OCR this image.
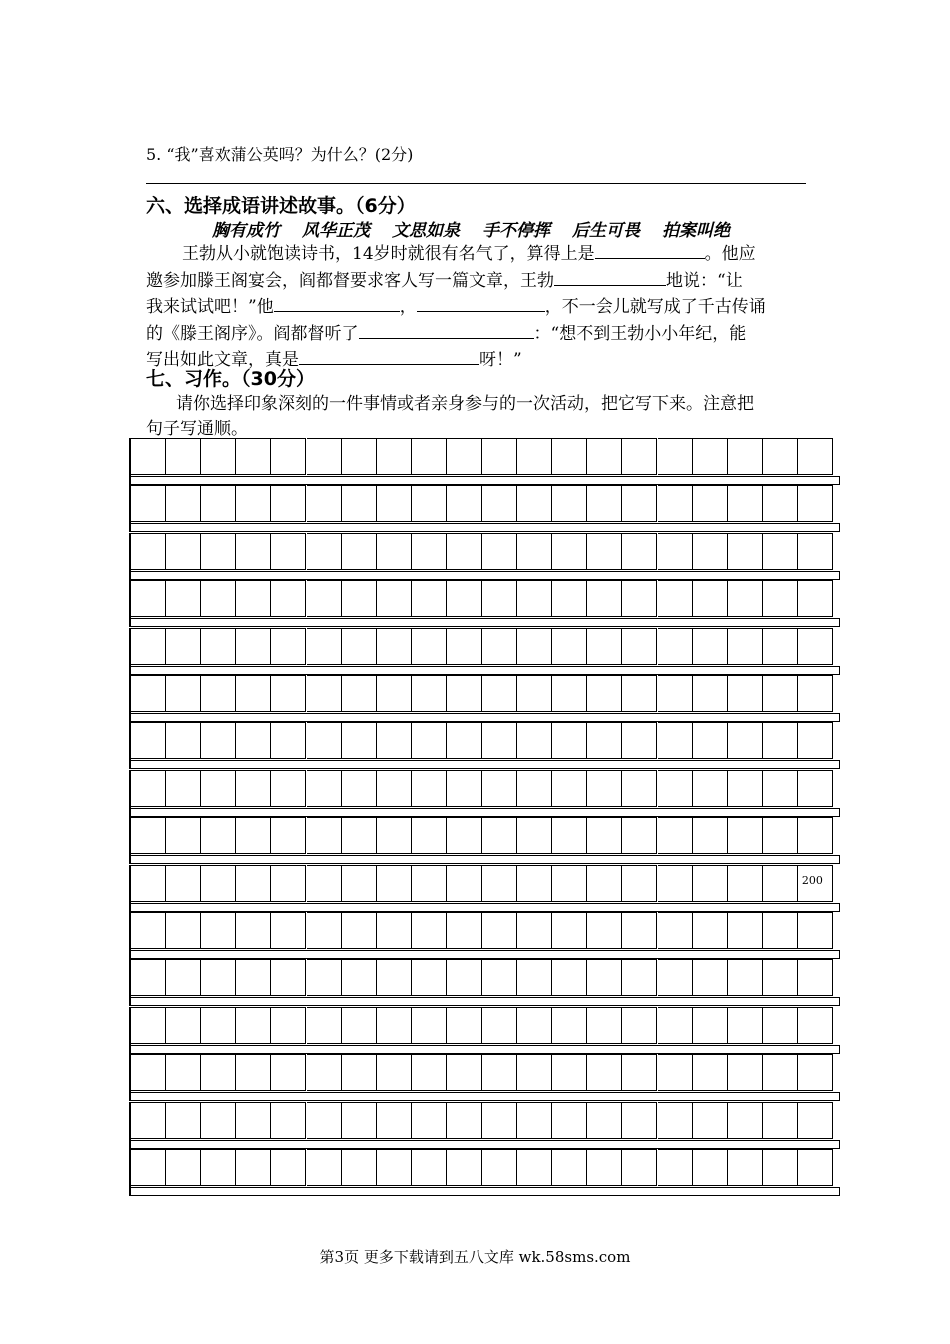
5. “我”喜欢蒲公英吗？为什么？(2分)
六、选择成语讲述故事。（6分）
胸有成竹 风华正茂 文思如泉 手不停挥 后生可畏 拍案叫绝
王勃从小就饱读诗书，14岁时就很有名气了，算得上是	。他应
邀参加滕王阁宴会，阎都督要求客人写一篇文章，王勃	地说：“让
我来试试吧！”他	，	，不一会儿就写成了千古传诵
的《滕王阁序》。阎都督听了	：“想不到王勃小小年纪，能
写出如此文章，真是	呀！”
七、习作。（30分）
请你选择印象深刻的一件事情或者亲身参与的一次活动，把它写下来。注意把
句子写通顺。
200
第3页 更多下载请到五八文库 wk.58sms.com
